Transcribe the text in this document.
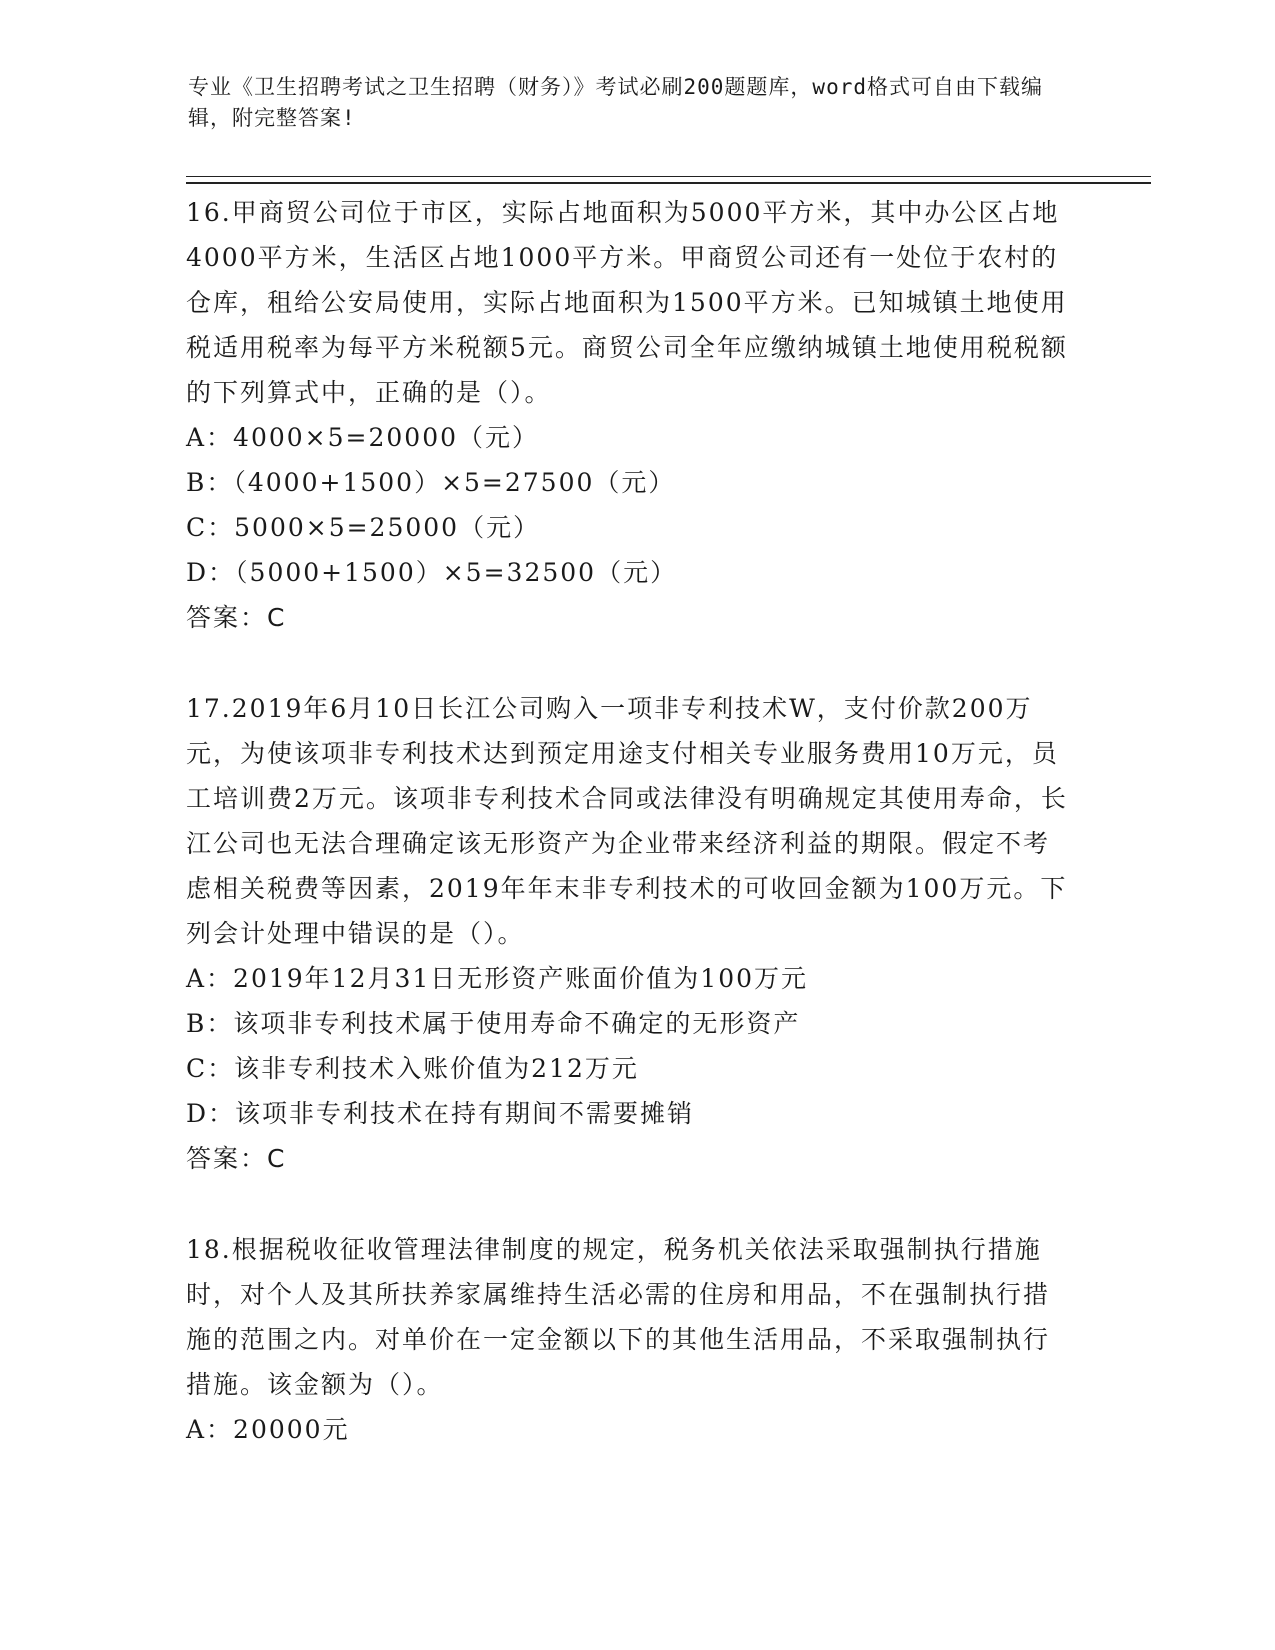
专业《卫生招聘考试之卫生招聘（财务）》考试必刷200题题库，word格式可自由下载编辑，附完整答案!

16.甲商贸公司位于市区，实际占地面积为5000平方米，其中办公区占地4000平方米，生活区占地1000平方米。甲商贸公司还有一处位于农村的仓库，租给公安局使用，实际占地面积为1500平方米。已知城镇土地使用税适用税率为每平方米税额5元。商贸公司全年应缴纳城镇土地使用税税额的下列算式中，正确的是（）。

A：4000×5=20000（元）

B：（4000+1500）×5=27500（元）

C：5000×5=25000（元）

D：（5000+1500）×5=32500（元）

答案：C

17.2019年6月10日长江公司购入一项非专利技术W，支付价款200万元，为使该项非专利技术达到预定用途支付相关专业服务费用10万元，员工培训费2万元。该项非专利技术合同或法律没有明确规定其使用寿命，长江公司也无法合理确定该无形资产为企业带来经济利益的期限。假定不考虑相关税费等因素，2019年年末非专利技术的可收回金额为100万元。下列会计处理中错误的是（）。

A：2019年12月31日无形资产账面价值为100万元

B：该项非专利技术属于使用寿命不确定的无形资产

C：该非专利技术入账价值为212万元

D：该项非专利技术在持有期间不需要摊销

答案：C

18.根据税收征收管理法律制度的规定，税务机关依法采取强制执行措施时，对个人及其所扶养家属维持生活必需的住房和用品，不在强制执行措施的范围之内。对单价在一定金额以下的其他生活用品，不采取强制执行措施。该金额为（）。

A：20000元
